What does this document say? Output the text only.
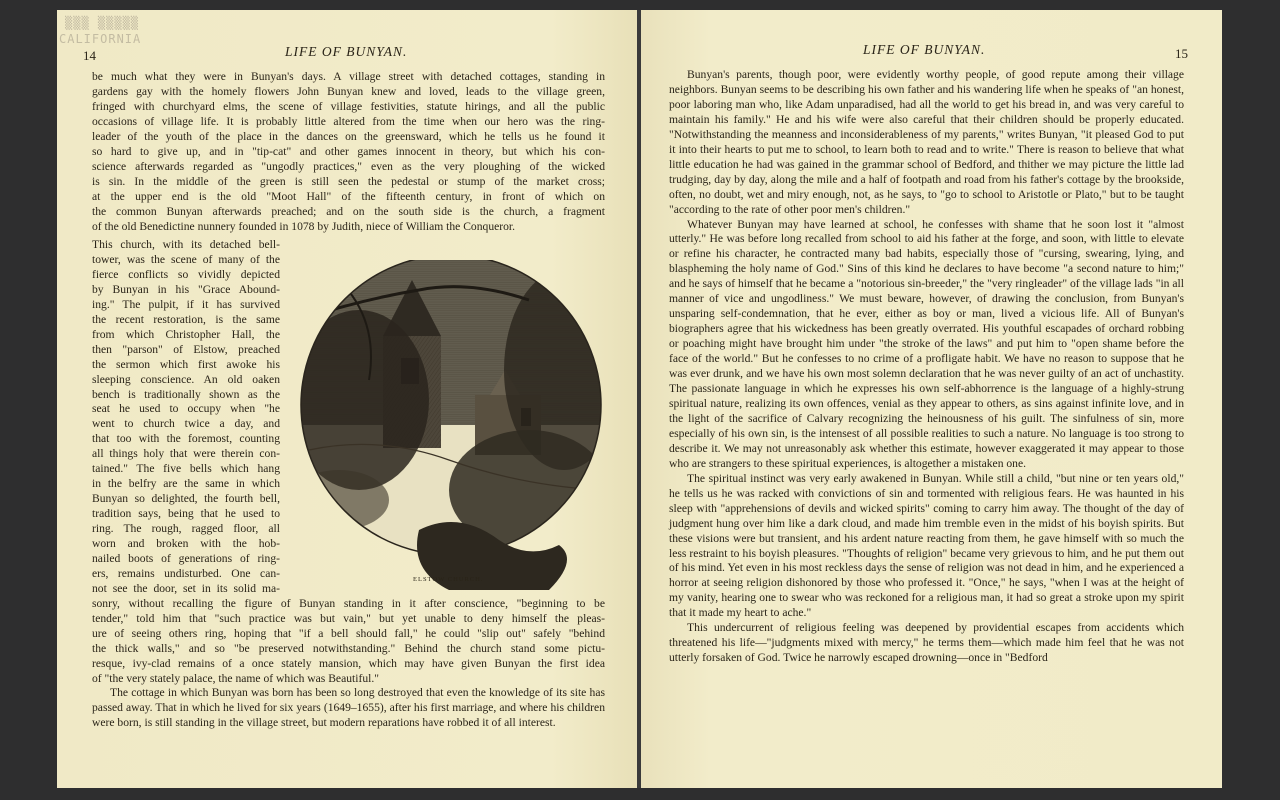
▒▒▒ ▒▒▒▒▒
CALIFORNIA
14	LIFE OF BUNYAN.
be much what they were in Bunyan's days. A village street with detached cottages, standing in
gardens gay with the homely flowers John Bunyan knew and loved, leads to the village green,
fringed with churchyard elms, the scene of village festivities, statute hirings, and all the public
occasions of village life. It is probably little altered from the time when our hero was the ring-
leader of the youth of the place in the dances on the greensward, which he tells us he found it
so hard to give up, and in "tip-cat" and other games innocent in theory, but which his con-
science afterwards regarded as "ungodly practices," even as the very ploughing of the wicked
is sin. In the middle of the green is still seen the pedestal or stump of the market cross;
at the upper end is the old "Moot Hall" of the fifteenth century, in front of which on
the common Bunyan afterwards preached; and on the south side is the church, a fragment
of the old Benedictine nunnery founded in 1078 by Judith, niece of William the Conqueror.
This church, with its detached bell-
tower, was the scene of many of the
fierce conflicts so vividly depicted
by Bunyan in his "Grace Abound-
ing." The pulpit, if it has survived
the recent restoration, is the same
from which Christopher Hall, the
then "parson" of Elstow, preached
the sermon which first awoke his
sleeping conscience. An old oaken
bench is traditionally shown as the
seat he used to occupy when "he
went to church twice a day, and
that too with the foremost, counting
all things holy that were therein con-
tained." The five bells which hang
in the belfry are the same in which
Bunyan so delighted, the fourth bell,
tradition says, being that he used to
ring. The rough, ragged floor, all
worn and broken with the hob-
nailed boots of generations of ring-
ers, remains undisturbed. One can-
not see the door, set in its solid ma-
sonry, without recalling the figure of Bunyan standing in it after conscience, "beginning to be
tender," told him that "such practice was but vain," but yet unable to deny himself the pleas-
ure of seeing others ring, hoping that "if a bell should fall," he could "slip out" safely "behind
the thick walls," and so "be preserved notwithstanding." Behind the church stand some pictu-
resque, ivy-clad remains of a once stately mansion, which may have given Bunyan the first idea
of "the very stately palace, the name of which was Beautiful."

The cottage in which Bunyan was born has been so long destroyed that even the knowledge of its site has passed away. That in which he lived for six years (1649–1655), after his first marriage, and where his children were born, is still standing in the village street, but modern reparations have robbed it of all interest.

ELSTOW CHURCH.
LIFE OF BUNYAN.	15

Bunyan's parents, though poor, were evidently worthy people, of good repute among their village neighbors. Bunyan seems to be describing his own father and his wandering life when he speaks of "an honest, poor laboring man who, like Adam unparadised, had all the world to get his bread in, and was very careful to maintain his family." He and his wife were also careful that their children should be properly educated. "Notwithstanding the meanness and inconsiderableness of my parents," writes Bunyan, "it pleased God to put it into their hearts to put me to school, to learn both to read and to write." There is reason to believe that what little education he had was gained in the grammar school of Bedford, and thither we may picture the little lad trudging, day by day, along the mile and a half of footpath and road from his father's cottage by the brookside, often, no doubt, wet and miry enough, not, as he says, to "go to school to Aristotle or Plato," but to be taught "according to the rate of other poor men's children."

Whatever Bunyan may have learned at school, he confesses with shame that he soon lost it "almost utterly." He was before long recalled from school to aid his father at the forge, and soon, with little to elevate or refine his character, he contracted many bad habits, especially those of "cursing, swearing, lying, and blaspheming the holy name of God." Sins of this kind he declares to have become "a second nature to him;" and he says of himself that he became a "notorious sin-breeder," the "very ringleader" of the village lads "in all manner of vice and ungodliness." We must beware, however, of drawing the conclusion, from Bunyan's unsparing self-condemnation, that he ever, either as boy or man, lived a vicious life. All of Bunyan's biographers agree that his wickedness has been greatly overrated. His youthful escapades of orchard robbing or poaching might have brought him under "the stroke of the laws" and put him to "open shame before the face of the world." But he confesses to no crime of a profligate habit. We have no reason to suppose that he was ever drunk, and we have his own most solemn declaration that he was never guilty of an act of unchastity. The passionate language in which he expresses his own self-abhorrence is the language of a highly-strung spiritual nature, realizing its own offences, venial as they appear to others, as sins against infinite love, and in the light of the sacrifice of Calvary recognizing the heinousness of his guilt. The sinfulness of sin, more especially of his own sin, is the intensest of all possible realities to such a nature. No language is too strong to describe it. We may not unreasonably ask whether this estimate, however exaggerated it may appear to those who are strangers to these spiritual experiences, is altogether a mistaken one.

The spiritual instinct was very early awakened in Bunyan. While still a child, "but nine or ten years old," he tells us he was racked with convictions of sin and tormented with religious fears. He was haunted in his sleep with "apprehensions of devils and wicked spirits" coming to carry him away. The thought of the day of judgment hung over him like a dark cloud, and made him tremble even in the midst of his boyish spirits. But these visions were but transient, and his ardent nature reacting from them, he gave himself with so much the less restraint to his boyish pleasures. "Thoughts of religion" became very grievous to him, and he put them out of his mind. Yet even in his most reckless days the sense of religion was not dead in him, and he experienced a horror at seeing religion dishonored by those who professed it. "Once," he says, "when I was at the height of my vanity, hearing one to swear who was reckoned for a religious man, it had so great a stroke upon my spirit that it made my heart to ache."

This undercurrent of religious feeling was deepened by providential escapes from accidents which threatened his life—"judgments mixed with mercy," he terms them—which made him feel that he was not utterly forsaken of God. Twice he narrowly escaped drowning—once in "Bedford
